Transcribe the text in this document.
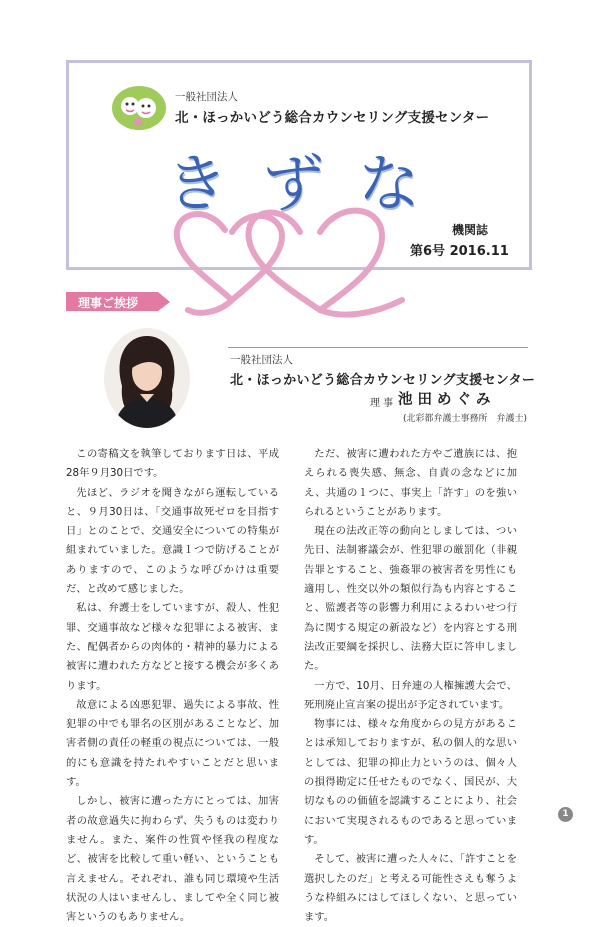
一般社団法人
北・ほっかいどう総合カウンセリング支援センター
きずな
機関誌
第6号 2016.11
理事ご挨拶
一般社団法人
北・ほっかいどう総合カウンセリング支援センター
理 事 池田めぐみ
(北彩都弁護士事務所　弁護士)

この寄稿文を執筆しております日は、平成28年９月30日です。

先ほど、ラジオを聞きながら運転していると、９月30日は、「交通事故死ゼロを目指す日」とのことで、交通安全についての特集が組まれていました。意識１つで防げることがありますので、このような呼びかけは重要だ、と改めて感じました。

私は、弁護士をしていますが、殺人、性犯罪、交通事故など様々な犯罪による被害、また、配偶者からの肉体的・精神的暴力による被害に遭われた方などと接する機会が多くあります。

故意による凶悪犯罪、過失による事故、性犯罪の中でも罪名の区別があることなど、加害者側の責任の軽重の視点については、一般的にも意識を持たれやすいことだと思います。

しかし、被害に遭った方にとっては、加害者の故意過失に拘わらず、失うものは変わりません。また、案件の性質や怪我の程度など、被害を比較して重い軽い、ということも言えません。それぞれ、誰も同じ環境や生活状況の人はいませんし、ましてや全く同じ被害というのもありません。

ただ、被害に遭われた方やご遺族には、抱えられる喪失感、無念、自責の念などに加え、共通の１つに、事実上「許す」のを強いられるということがあります。

現在の法改正等の動向としましては、つい先日、法制審議会が、性犯罪の厳罰化（非親告罪とすること、強姦罪の被害者を男性にも適用し、性交以外の類似行為も内容とすること、監護者等の影響力利用によるわいせつ行為に関する規定の新設など）を内容とする刑法改正要綱を採択し、法務大臣に答申しました。

一方で、10月、日弁連の人権擁護大会で、死刑廃止宣言案の提出が予定されています。

物事には、様々な角度からの見方があることは承知しておりますが、私の個人的な思いとしては、犯罪の抑止力というのは、個々人の損得勘定に任せたものでなく、国民が、大切なものの価値を認識することにより、社会において実現されるものであると思っています。

そして、被害に遭った人々に、「許すことを選択したのだ」と考える可能性さえも奪うような枠組みにはしてほしくない、と思っています。

1
